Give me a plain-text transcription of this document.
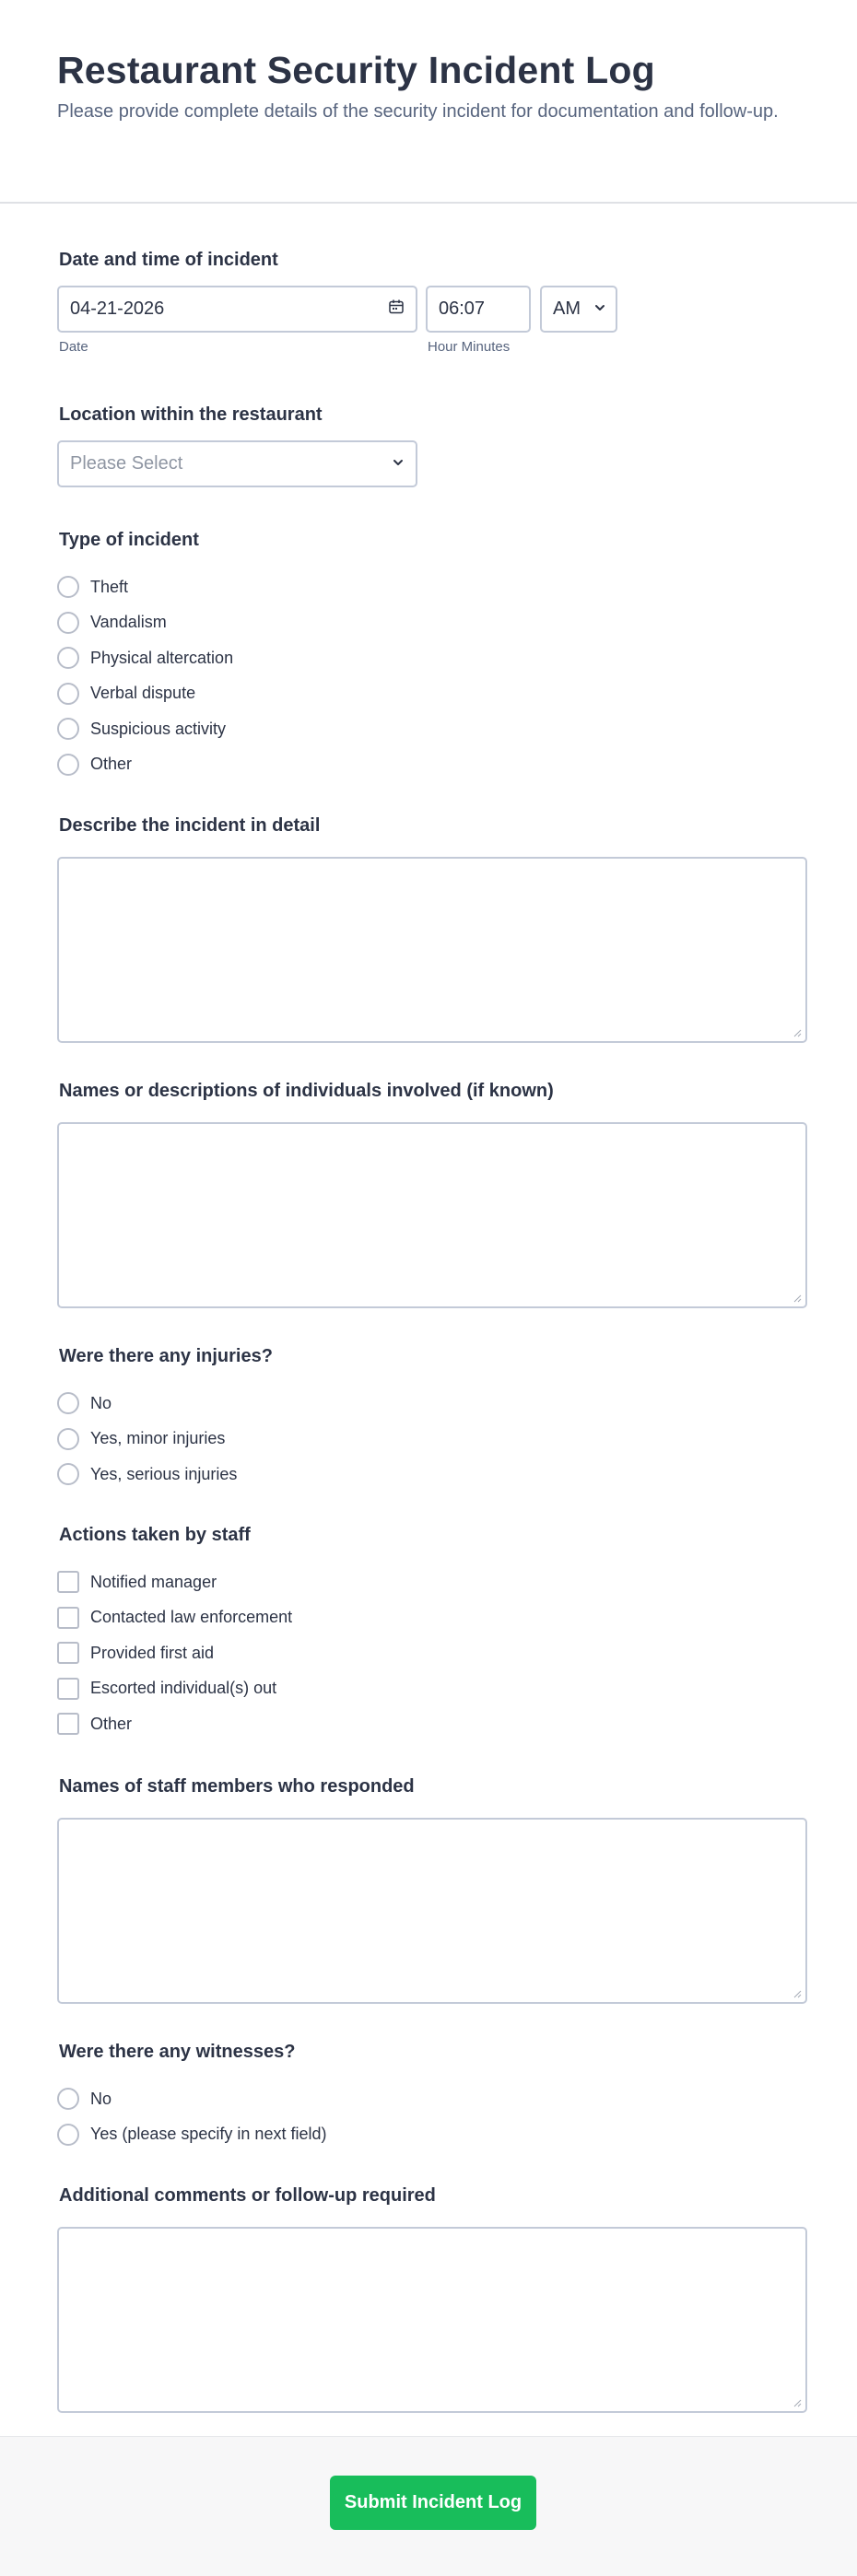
Restaurant Security Incident Log

Please provide complete details of the security incident for documentation and follow-up.

Date and time of incident
04-21-2026	06:07	AM
Date	Hour Minutes
Location within the restaurant
Please Select
Type of incident
Theft
Vandalism
Physical altercation
Verbal dispute
Suspicious activity
Other
Describe the incident in detail
Names or descriptions of individuals involved (if known)
Were there any injuries?
No
Yes, minor injuries
Yes, serious injuries
Actions taken by staff
Notified manager
Contacted law enforcement
Provided first aid
Escorted individual(s) out
Other
Names of staff members who responded
Were there any witnesses?
No
Yes (please specify in next field)
Additional comments or follow-up required
Submit Incident Log
